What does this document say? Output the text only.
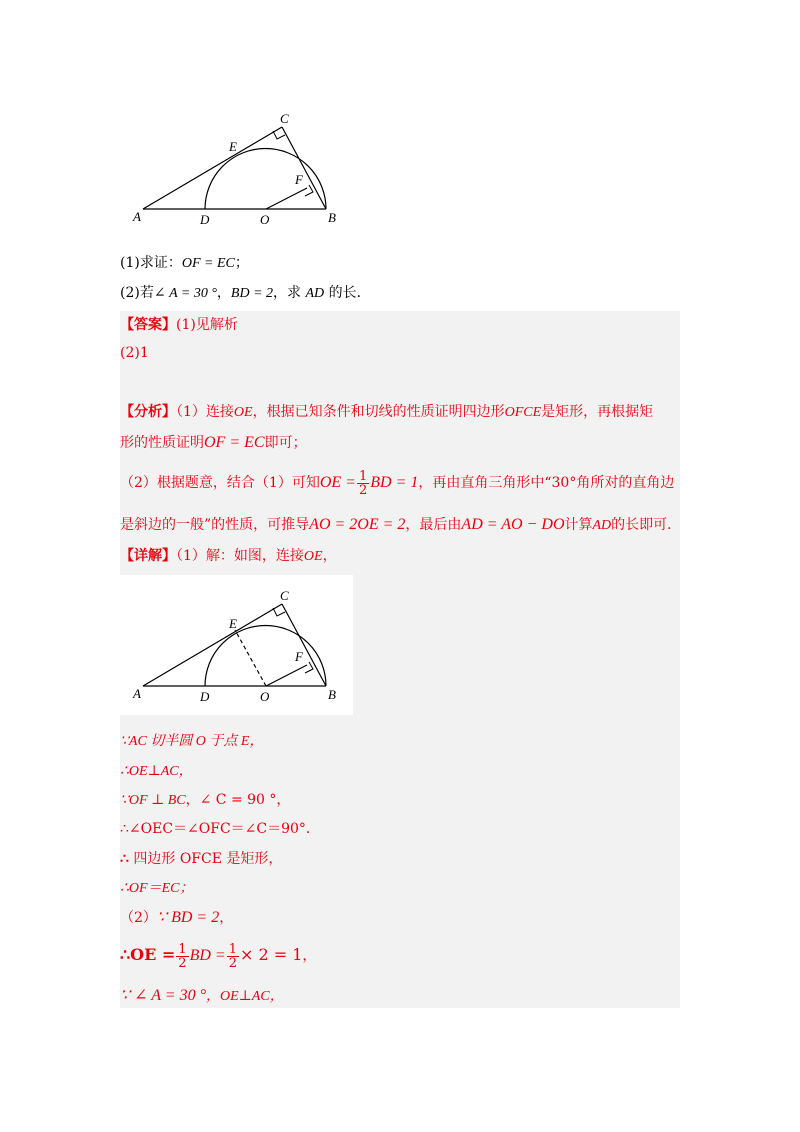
A	D	O	B
C
E
F
(1)求证：OF = EC；
(2)若∠ A = 30 °，BD = 2，求 AD 的长．
【答案】(1)见解析
(2)1
【分析】（1）连接OE，根据已知条件和切线的性质证明四边形OFCE是矩形，再根据矩
形的性质证明OF = EC即可；
（2）根据题意，结合（1）可知OE = $\frac{1}{2}$ BD = 1，再由直角三角形中“30°角所对的直角边
是斜边的一般”的性质，可推导AO = 2OE = 2，最后由AD = AO − DO计算AD的长即可．
【详解】（1）解：如图，连接OE，
A	D	O	B
C
E
F
∵AC 切半圆 O 于点 E，
∴OE⊥AC，
∵OF ⊥ BC，∠ C = 90 °，
∴∠OEC＝∠OFC＝∠C＝90°．
∴ 四边形 OFCE 是矩形，
∴OF＝EC；
（2）∵ BD = 2，
∴OE = $\frac{1}{2}$ BD = $\frac{1}{2} \times 2 = 1$，
∵ ∠ A = 30 °，OE⊥AC，
